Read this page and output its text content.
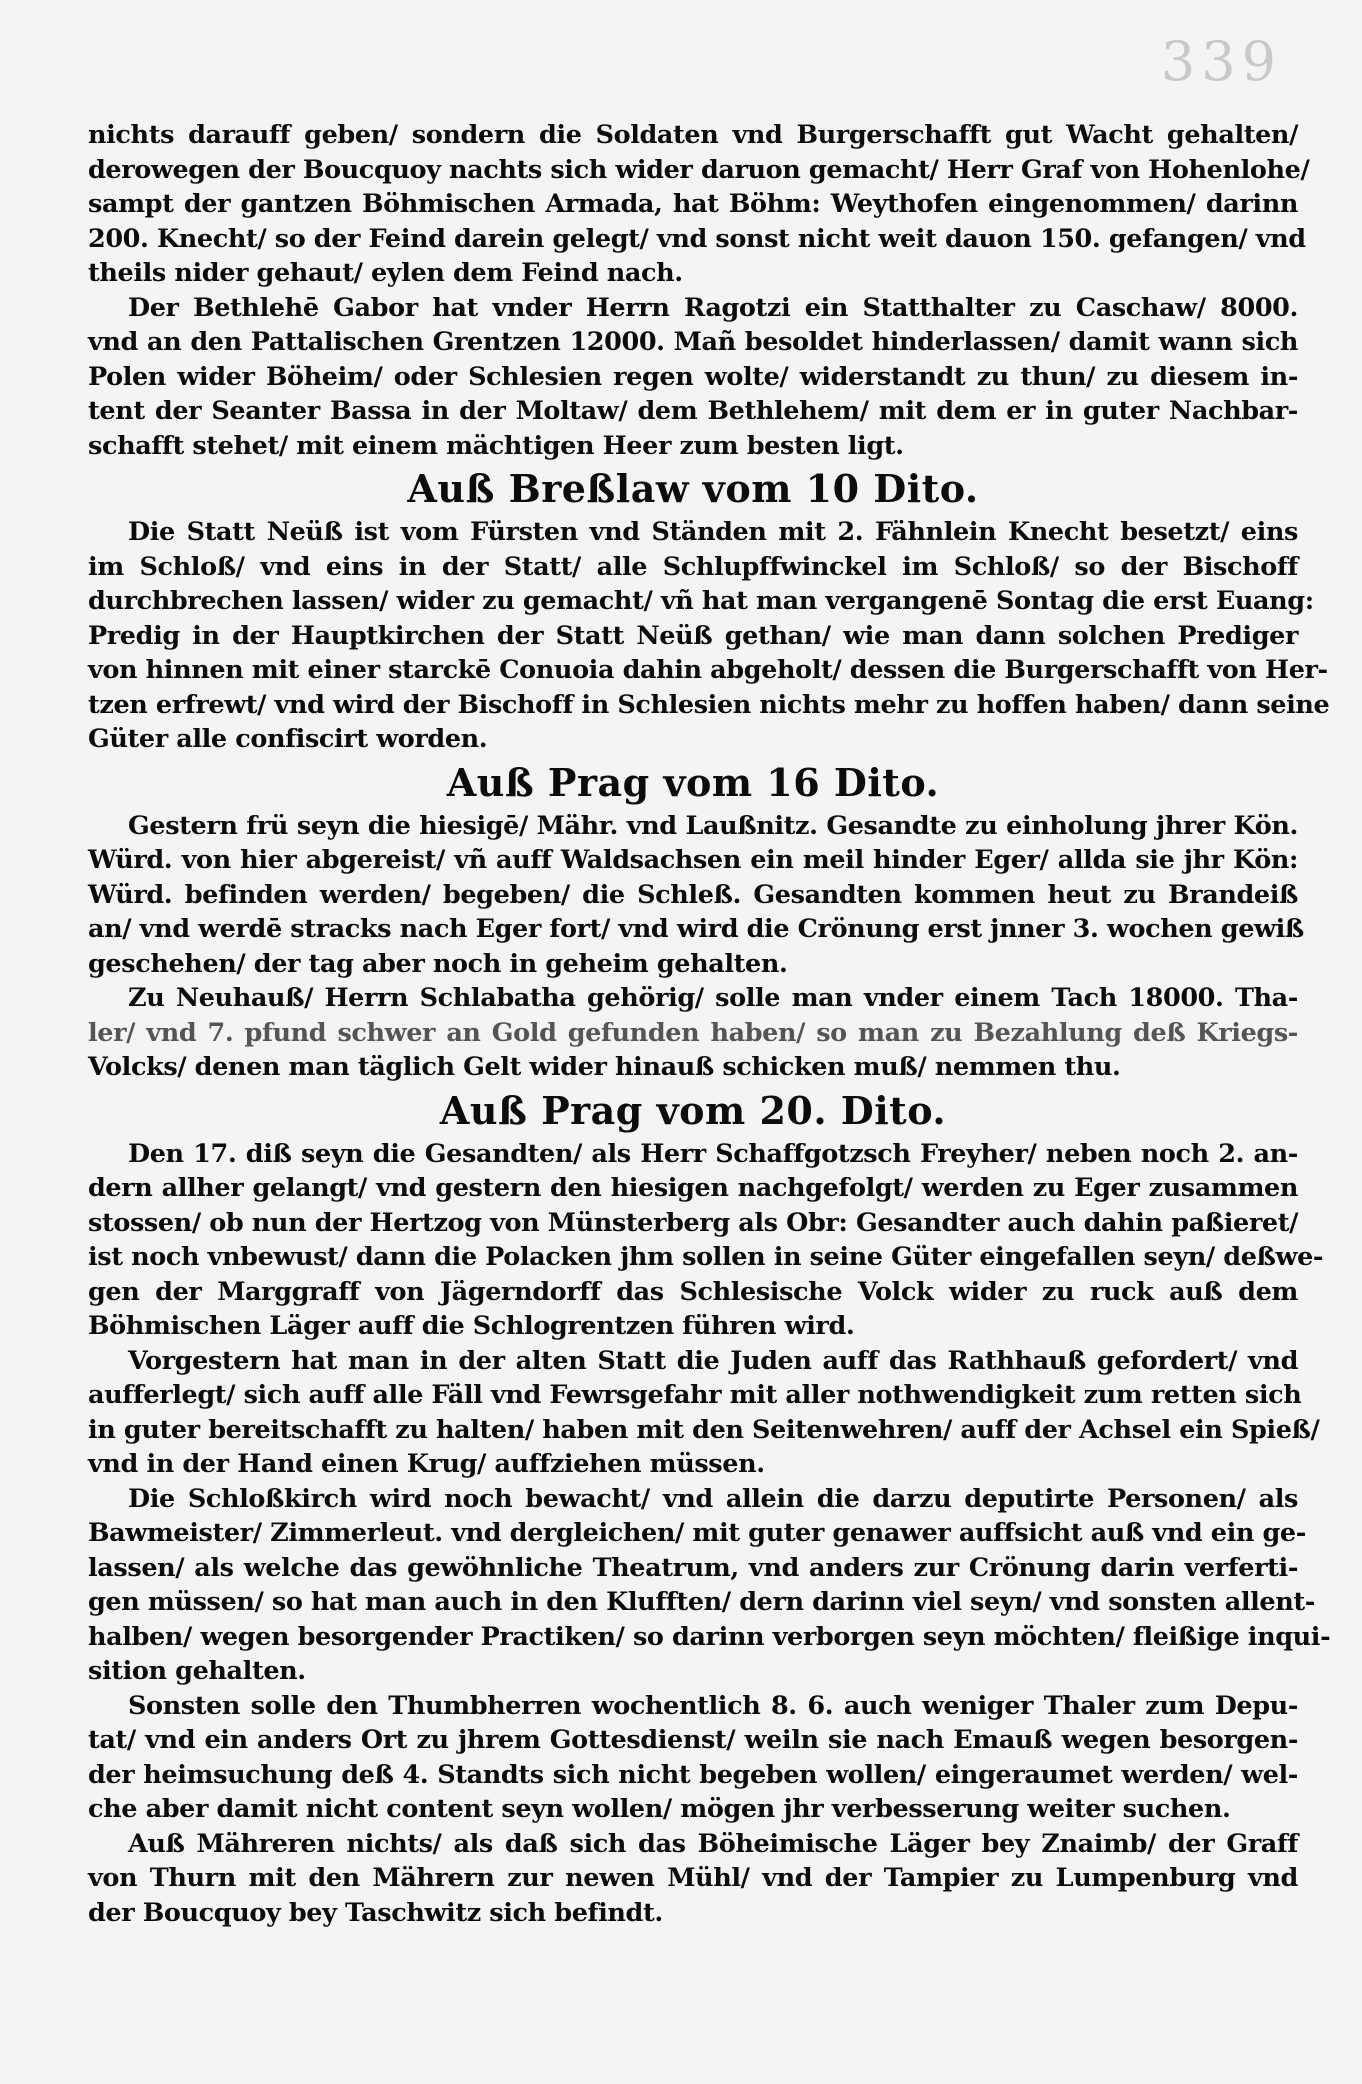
339
nichts darauff geben/ sondern die Soldaten vnd Burgerschafft gut Wacht gehalten/
derowegen der Boucquoy nachts sich wider daruon gemacht/ Herr Graf von Hohenlohe/
sampt der gantzen Böhmischen Armada, hat Böhm: Weythofen eingenommen/ darinn
200. Knecht/ so der Feind darein gelegt/ vnd sonst nicht weit dauon 150. gefangen/ vnd
theils nider gehaut/ eylen dem Feind nach.
Der Bethlehē Gabor hat vnder Herrn Ragotzi ein Statthalter zu Caschaw/ 8000.
vnd an den Pattalischen Grentzen 12000. Mañ besoldet hinderlassen/ damit wann sich
Polen wider Böheim/ oder Schlesien regen wolte/ widerstandt zu thun/ zu diesem in-
tent der Seanter Bassa in der Moltaw/ dem Bethlehem/ mit dem er in guter Nachbar-
schafft stehet/ mit einem mächtigen Heer zum besten ligt.
Auß Breßlaw vom 10 Dito.
Die Statt Neüß ist vom Fürsten vnd Ständen mit 2. Fähnlein Knecht besetzt/ eins
im Schloß/ vnd eins in der Statt/ alle Schlupffwinckel im Schloß/ so der Bischoff
durchbrechen lassen/ wider zu gemacht/ vñ hat man vergangenē Sontag die erst Euang:
Predig in der Hauptkirchen der Statt Neüß gethan/ wie man dann solchen Prediger
von hinnen mit einer starckē Conuoia dahin abgeholt/ dessen die Burgerschafft von Her-
tzen erfrewt/ vnd wird der Bischoff in Schlesien nichts mehr zu hoffen haben/ dann seine
Güter alle confiscirt worden.
Auß Prag vom 16 Dito.
Gestern frü seyn die hiesigē/ Mähr. vnd Laußnitz. Gesandte zu einholung jhrer Kön.
Würd. von hier abgereist/ vñ auff Waldsachsen ein meil hinder Eger/ allda sie jhr Kön:
Würd. befinden werden/ begeben/ die Schleß. Gesandten kommen heut zu Brandeiß
an/ vnd werdē stracks nach Eger fort/ vnd wird die Crönung erst jnner 3. wochen gewiß
geschehen/ der tag aber noch in geheim gehalten.
Zu Neuhauß/ Herrn Schlabatha gehörig/ solle man vnder einem Tach 18000. Tha-
ler/ vnd 7. pfund schwer an Gold gefunden haben/ so man zu Bezahlung deß Kriegs-
Volcks/ denen man täglich Gelt wider hinauß schicken muß/ nemmen thu.
Auß Prag vom 20. Dito.
Den 17. diß seyn die Gesandten/ als Herr Schaffgotzsch Freyher/ neben noch 2. an-
dern allher gelangt/ vnd gestern den hiesigen nachgefolgt/ werden zu Eger zusammen
stossen/ ob nun der Hertzog von Münsterberg als Obr: Gesandter auch dahin paßieret/
ist noch vnbewust/ dann die Polacken jhm sollen in seine Güter eingefallen seyn/ deßwe-
gen der Marggraff von Jägerndorff das Schlesische Volck wider zu ruck auß dem
Böhmischen Läger auff die Schlogrentzen führen wird.
Vorgestern hat man in der alten Statt die Juden auff das Rathhauß gefordert/ vnd
aufferlegt/ sich auff alle Fäll vnd Fewrsgefahr mit aller nothwendigkeit zum retten sich
in guter bereitschafft zu halten/ haben mit den Seitenwehren/ auff der Achsel ein Spieß/
vnd in der Hand einen Krug/ auffziehen müssen.
Die Schloßkirch wird noch bewacht/ vnd allein die darzu deputirte Personen/ als
Bawmeister/ Zimmerleut. vnd dergleichen/ mit guter genawer auffsicht auß vnd ein ge-
lassen/ als welche das gewöhnliche Theatrum, vnd anders zur Crönung darin verferti-
gen müssen/ so hat man auch in den Klufften/ dern darinn viel seyn/ vnd sonsten allent-
halben/ wegen besorgender Practiken/ so darinn verborgen seyn möchten/ fleißige inqui-
sition gehalten.
Sonsten solle den Thumbherren wochentlich 8. 6. auch weniger Thaler zum Depu-
tat/ vnd ein anders Ort zu jhrem Gottesdienst/ weiln sie nach Emauß wegen besorgen-
der heimsuchung deß 4. Standts sich nicht begeben wollen/ eingeraumet werden/ wel-
che aber damit nicht content seyn wollen/ mögen jhr verbesserung weiter suchen.
Auß Mähreren nichts/ als daß sich das Böheimische Läger bey Znaimb/ der Graff
von Thurn mit den Mährern zur newen Mühl/ vnd der Tampier zu Lumpenburg vnd
der Boucquoy bey Taschwitz sich befindt.
